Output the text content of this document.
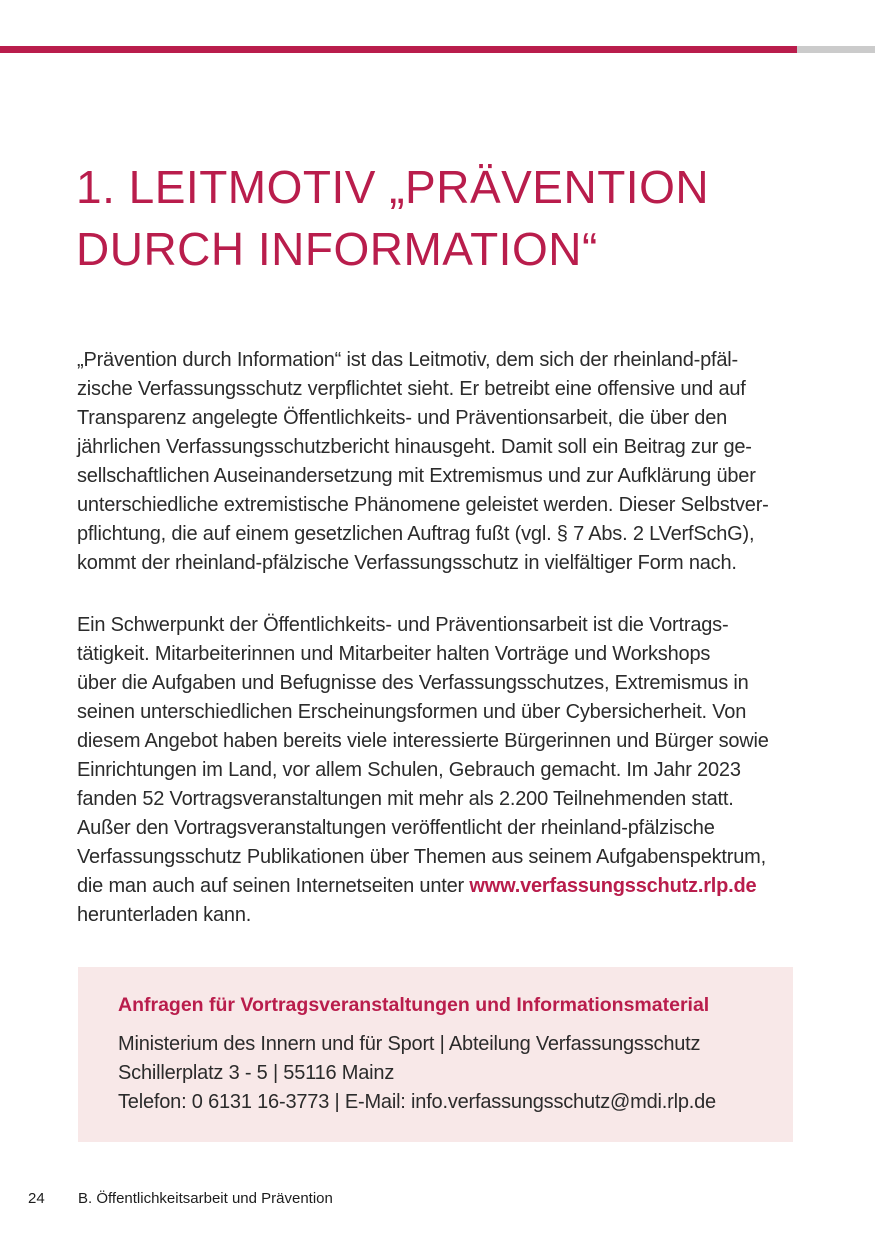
1. LEITMOTIV „PRÄVENTION
DURCH INFORMATION“
„Prävention durch Information“ ist das Leitmotiv, dem sich der rheinland-pfäl-
zische Verfassungsschutz verpflichtet sieht. Er betreibt eine offensive und auf
Transparenz angelegte Öffentlichkeits- und Präventionsarbeit, die über den
jährlichen Verfassungsschutzbericht hinausgeht. Damit soll ein Beitrag zur ge-
sellschaftlichen Auseinandersetzung mit Extremismus und zur Aufklärung über
unterschiedliche extremistische Phänomene geleistet werden. Dieser Selbstver-
pflichtung, die auf einem gesetzlichen Auftrag fußt (vgl. § 7 Abs. 2 LVerfSchG),
kommt der rheinland-pfälzische Verfassungsschutz in vielfältiger Form nach.
Ein Schwerpunkt der Öffentlichkeits- und Präventionsarbeit ist die Vortrags-
tätigkeit. Mitarbeiterinnen und Mitarbeiter halten Vorträge und Workshops
über die Aufgaben und Befugnisse des Verfassungsschutzes, Extremismus in
seinen unterschiedlichen Erscheinungsformen und über Cybersicherheit. Von
diesem Angebot haben bereits viele interessierte Bürgerinnen und Bürger sowie
Einrichtungen im Land, vor allem Schulen, Gebrauch gemacht. Im Jahr 2023
fanden 52 Vortragsveranstaltungen mit mehr als 2.200 Teilnehmenden statt.
Außer den Vortragsveranstaltungen veröffentlicht der rheinland-pfälzische
Verfassungsschutz Publikationen über Themen aus seinem Aufgabenspektrum,
die man auch auf seinen Internetseiten unter www.verfassungsschutz.rlp.de
herunterladen kann.

Anfragen für Vortragsveranstaltungen und Informationsmaterial

Ministerium des Innern und für Sport | Abteilung Verfassungsschutz
Schillerplatz 3 - 5 | 55116 Mainz
Telefon: 0 6131 16-3773 | E-Mail: info.verfassungsschutz@mdi.rlp.de
24 B. Öffentlichkeitsarbeit und Prävention
